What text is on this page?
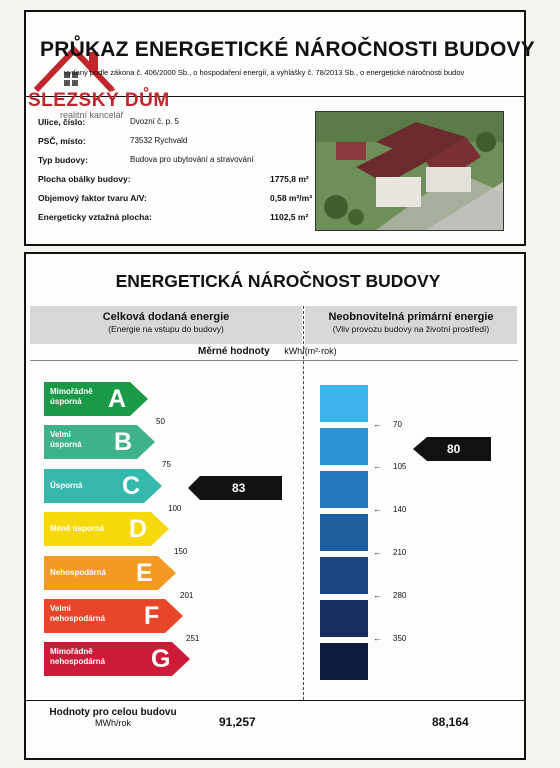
PRŮKAZ ENERGETICKÉ NÁROČNOSTI BUDOVY
vydaný podle zákona č. 406/2000 Sb., o hospodaření energií, a vyhlášky č. 78/2013 Sb., o energetické náročnosti budov
SLEZSKÝ DŮM
realitní kancelář
Ulice, číslo:	Dvozní č. p. 5
PSČ, místo:	73532 Rychvald
Typ budovy:	Budova pro ubytování a stravování
Plocha obálky budovy:	1775,8 m²
Objemový faktor tvaru A/V:	0,58 m²/m³
Energeticky vztažná plocha:	1102,5 m²
ENERGETICKÁ NÁROČNOST BUDOVY
Celková dodaná energie
(Energie na vstupu do budovy)
Neobnovitelná primární energie
(Vliv provozu budovy na životní prostředí)
Měrné hodnoty kWh/(m²·rok)
Mimořádně úsporná	A
Velmi úsporná B
Úsporná C
Méně úsporná D
Nehospodárná E
Velmi nehospodárná	F
Mimořádně nehospodárná	G
50
75
100
150
201
251
83
← 70
← 105
← 140
← 210
← 280
← 350
80
Hodnoty pro celou budovu
MWh/rok	91,257	88,164
